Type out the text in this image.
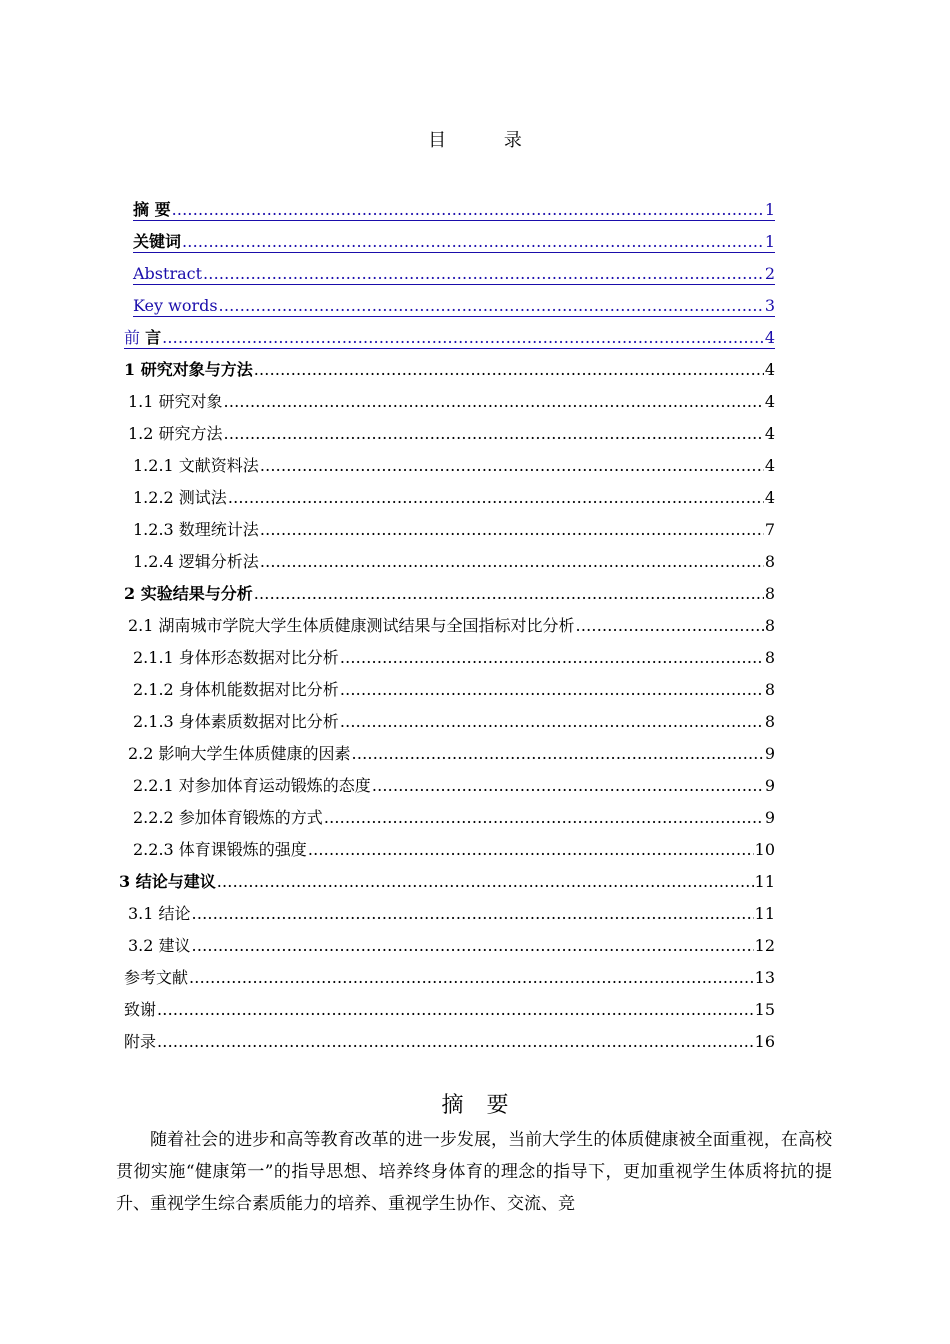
目 录
摘 要 .....	1
关键词 .....	1
Abstract .....	2
Key words .....	3
前 言 .....	4
1 研究对象与方法 .....	4
1.1 研究对象 .....	4
1.2 研究方法 .....	4
1.2.1 文献资料法 .....	4
1.2.2 测试法 .....	4
1.2.3 数理统计法 .....	7
1.2.4 逻辑分析法 .....	8
2 实验结果与分析 .....	8
2.1 湖南城市学院大学生体质健康测试结果与全国指标对比分析 .....	8
2.1.1 身体形态数据对比分析 .....	8
2.1.2 身体机能数据对比分析 .....	8
2.1.3 身体素质数据对比分析 .....	8
2.2 影响大学生体质健康的因素 .....	9
2.2.1 对参加体育运动锻炼的态度 .....	9
2.2.2 参加体育锻炼的方式 .....	9
2.2.3 体育课锻炼的强度 .....	10
3 结论与建议 .....	11
3.1 结论 .....	11
3.2 建议 .....	12
参考文献 .....	13
致谢 .....	15
附录 .....	16
摘 要
随着社会的进步和高等教育改革的进一步发展，当前大学生的体质健康被全面重视，在高校贯彻实施“健康第一”的指导思想、培养终身体育的理念的指导下，更加重视学生体质将抗的提升、重视学生综合素质能力的培养、重视学生协作、交流、竞
